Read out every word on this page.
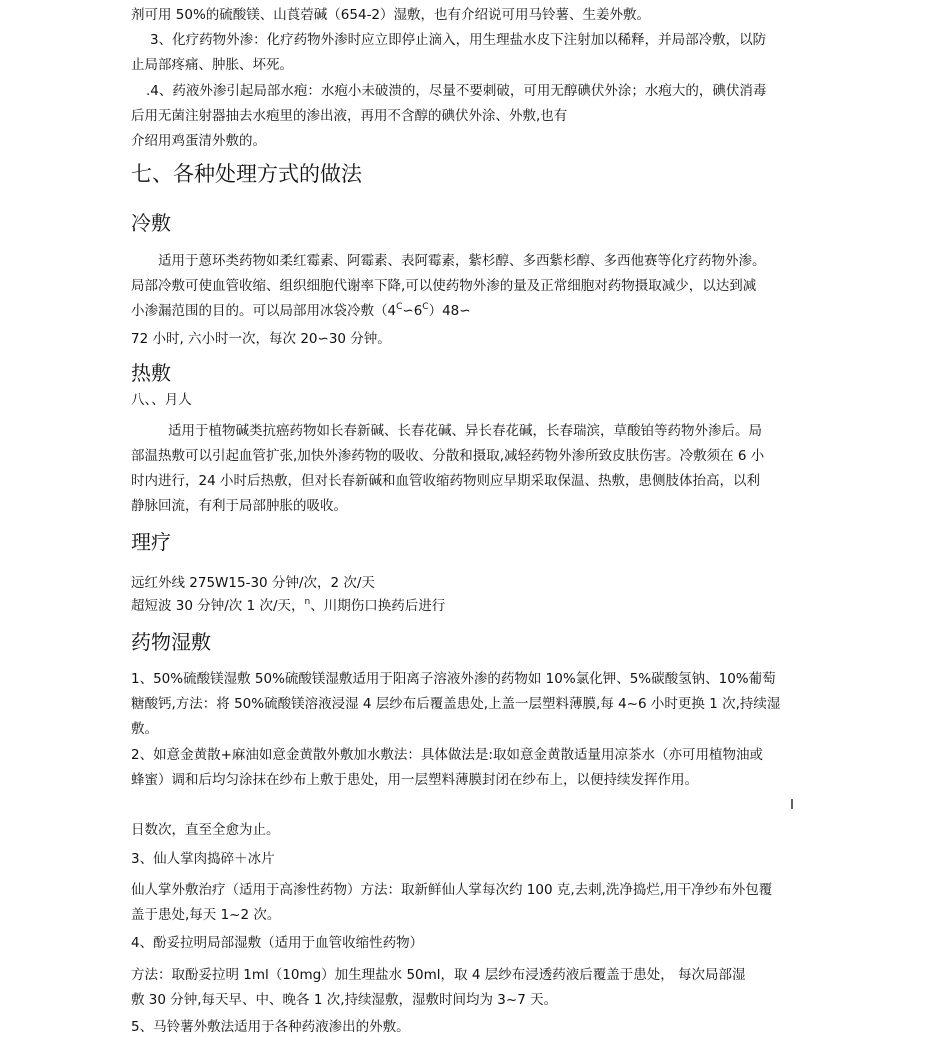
剂可用 50%的硫酸镁、山莨菪碱（654-2）湿敷，也有介绍说可用马铃薯、生姜外敷。

3、化疗药物外渗：化疗药物外渗时应立即停止滴入，用生理盐水皮下注射加以稀释，并局部冷敷，以防

止局部疼痛、肿胀、坏死。

.4、药液外渗引起局部水疱：水疱小未破溃的，尽量不要刺破，可用无醇碘伏外涂；水疱大的，碘伏消毒

后用无菌注射器抽去水疱里的渗出液，再用不含醇的碘伏外涂、外敷,也有

介绍用鸡蛋清外敷的。

七、各种处理方式的做法
冷敷

适用于蒽环类药物如柔红霉素、阿霉素、表阿霉素，紫杉醇、多西紫杉醇、多西他赛等化疗药物外渗。

局部冷敷可使血管收缩、组织细胞代谢率下降,可以使药物外渗的量及正常细胞对药物摄取减少，以达到减

小渗漏范围的目的。可以局部用冰袋冷敷$(4^C∽6^C)48∽$

72 小时, 六小时一次，每次 20∽30 分钟。

热敷

八、、月人

适用于植物碱类抗癌药物如长春新碱、长春花碱、异长春花碱，长春瑞滨，草酸铂等药物外渗后。局

部温热敷可以引起血管扩张,加快外渗药物的吸收、分散和摄取,减轻药物外渗所致皮肤伤害。冷敷须在 6 小

时内进行，24 小时后热敷，但对长春新碱和血管收缩药物则应早期采取保温、热敷，患侧肢体抬高，以利

静脉回流，有利于局部肿胀的吸收。

理疗

远红外线 275W15-30 分钟/次，2 次/天

超短波 30 分钟/次 1 次/天，$^n$、川期伤口换药后进行

药物湿敷

1、50%硫酸镁湿敷 50%硫酸镁湿敷适用于阳离子溶液外渗的药物如 10%氯化钾、5%碳酸氢钠、10%葡萄

糖酸钙,方法：将 50%硫酸镁溶液浸湿 4 层纱布后覆盖患处,上盖一层塑料薄膜,每 4~6 小时更换 1 次,持续湿

敷。

2、如意金黄散+麻油如意金黄散外敷加水敷法：具体做法是:取如意金黄散适量用凉茶水（亦可用植物油或

蜂蜜）调和后均匀涂抹在纱布上敷于患处，用一层塑料薄膜封闭在纱布上，以便持续发挥作用。

I

日数次，直至全愈为止。

3、仙人掌肉捣碎＋冰片

仙人掌外敷治疗（适用于高渗性药物）方法：取新鲜仙人掌每次约 100 克,去刺,洗净捣烂,用干净纱布外包覆

盖于患处,每天 1~2 次。

4、酚妥拉明局部湿敷（适用于血管收缩性药物）

方法：取酚妥拉明 1ml（10mg）加生理盐水 50ml，取 4 层纱布浸透药液后覆盖于患处， 每次局部湿

敷 30 分钟,每天早、中、晚各 1 次,持续湿敷，湿敷时间均为 3~7 天。

5、马铃薯外敷法适用于各种药液渗出的外敷。
